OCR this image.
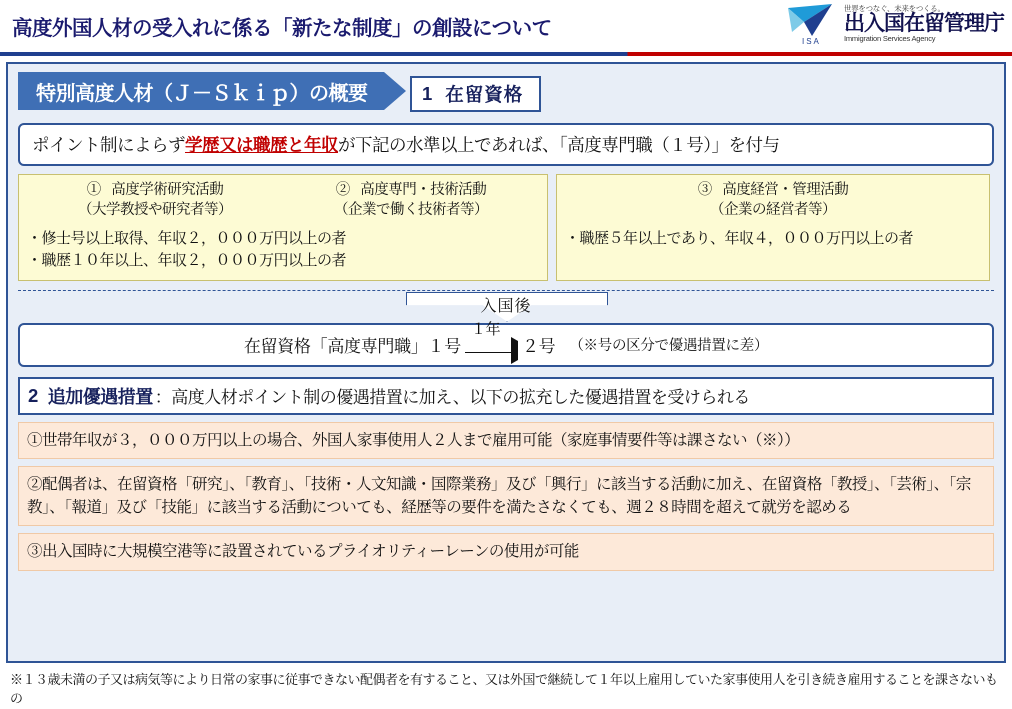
高度外国人材の受入れに係る「新たな制度」の創設について
ISA
世界をつなぐ、未来をつくる。
出入国在留管理庁
Immigration Services Agency
特別高度人材（Ｊ－Ｓｋｉｐ）の概要
	1 在留資格
ポイント制によらず学歴又は職歴と年収が下記の水準以上であれば、「高度専門職（１号）」を付与
① 高度学術研究活動
（大学教授や研究者等）
② 高度専門・技術活動
（企業で働く技術者等）
・修士号以上取得、年収２，０００万円以上の者
・職歴１０年以上、年収２，０００万円以上の者
③ 高度経営・管理活動
（企業の経営者等）
・職歴５年以上であり、年収４，０００万円以上の者
入国後
在留資格「高度専門職」１号
１年
２号 （※号の区分で優遇措置に差）
2 追加優遇措置 ：高度人材ポイント制の優遇措置に加え、以下の拡充した優遇措置を受けられる
①世帯年収が３，０００万円以上の場合、外国人家事使用人２人まで雇用可能（家庭事情要件等は課さない（※））
②配偶者は、在留資格「研究」、「教育」、「技術・人文知識・国際業務」及び「興行」に該当する活動に加え、在留資格「教授」、「芸術」、「宗教」、「報道」及び「技能」に該当する活動についても、経歴等の要件を満たさなくても、週２８時間を超えて就労を認める
③出入国時に大規模空港等に設置されているプライオリティーレーンの使用が可能
※１３歳未満の子又は病気等により日常の家事に従事できない配偶者を有すること、又は外国で継続して１年以上雇用していた家事使用人を引き続き雇用することを課さないもの
